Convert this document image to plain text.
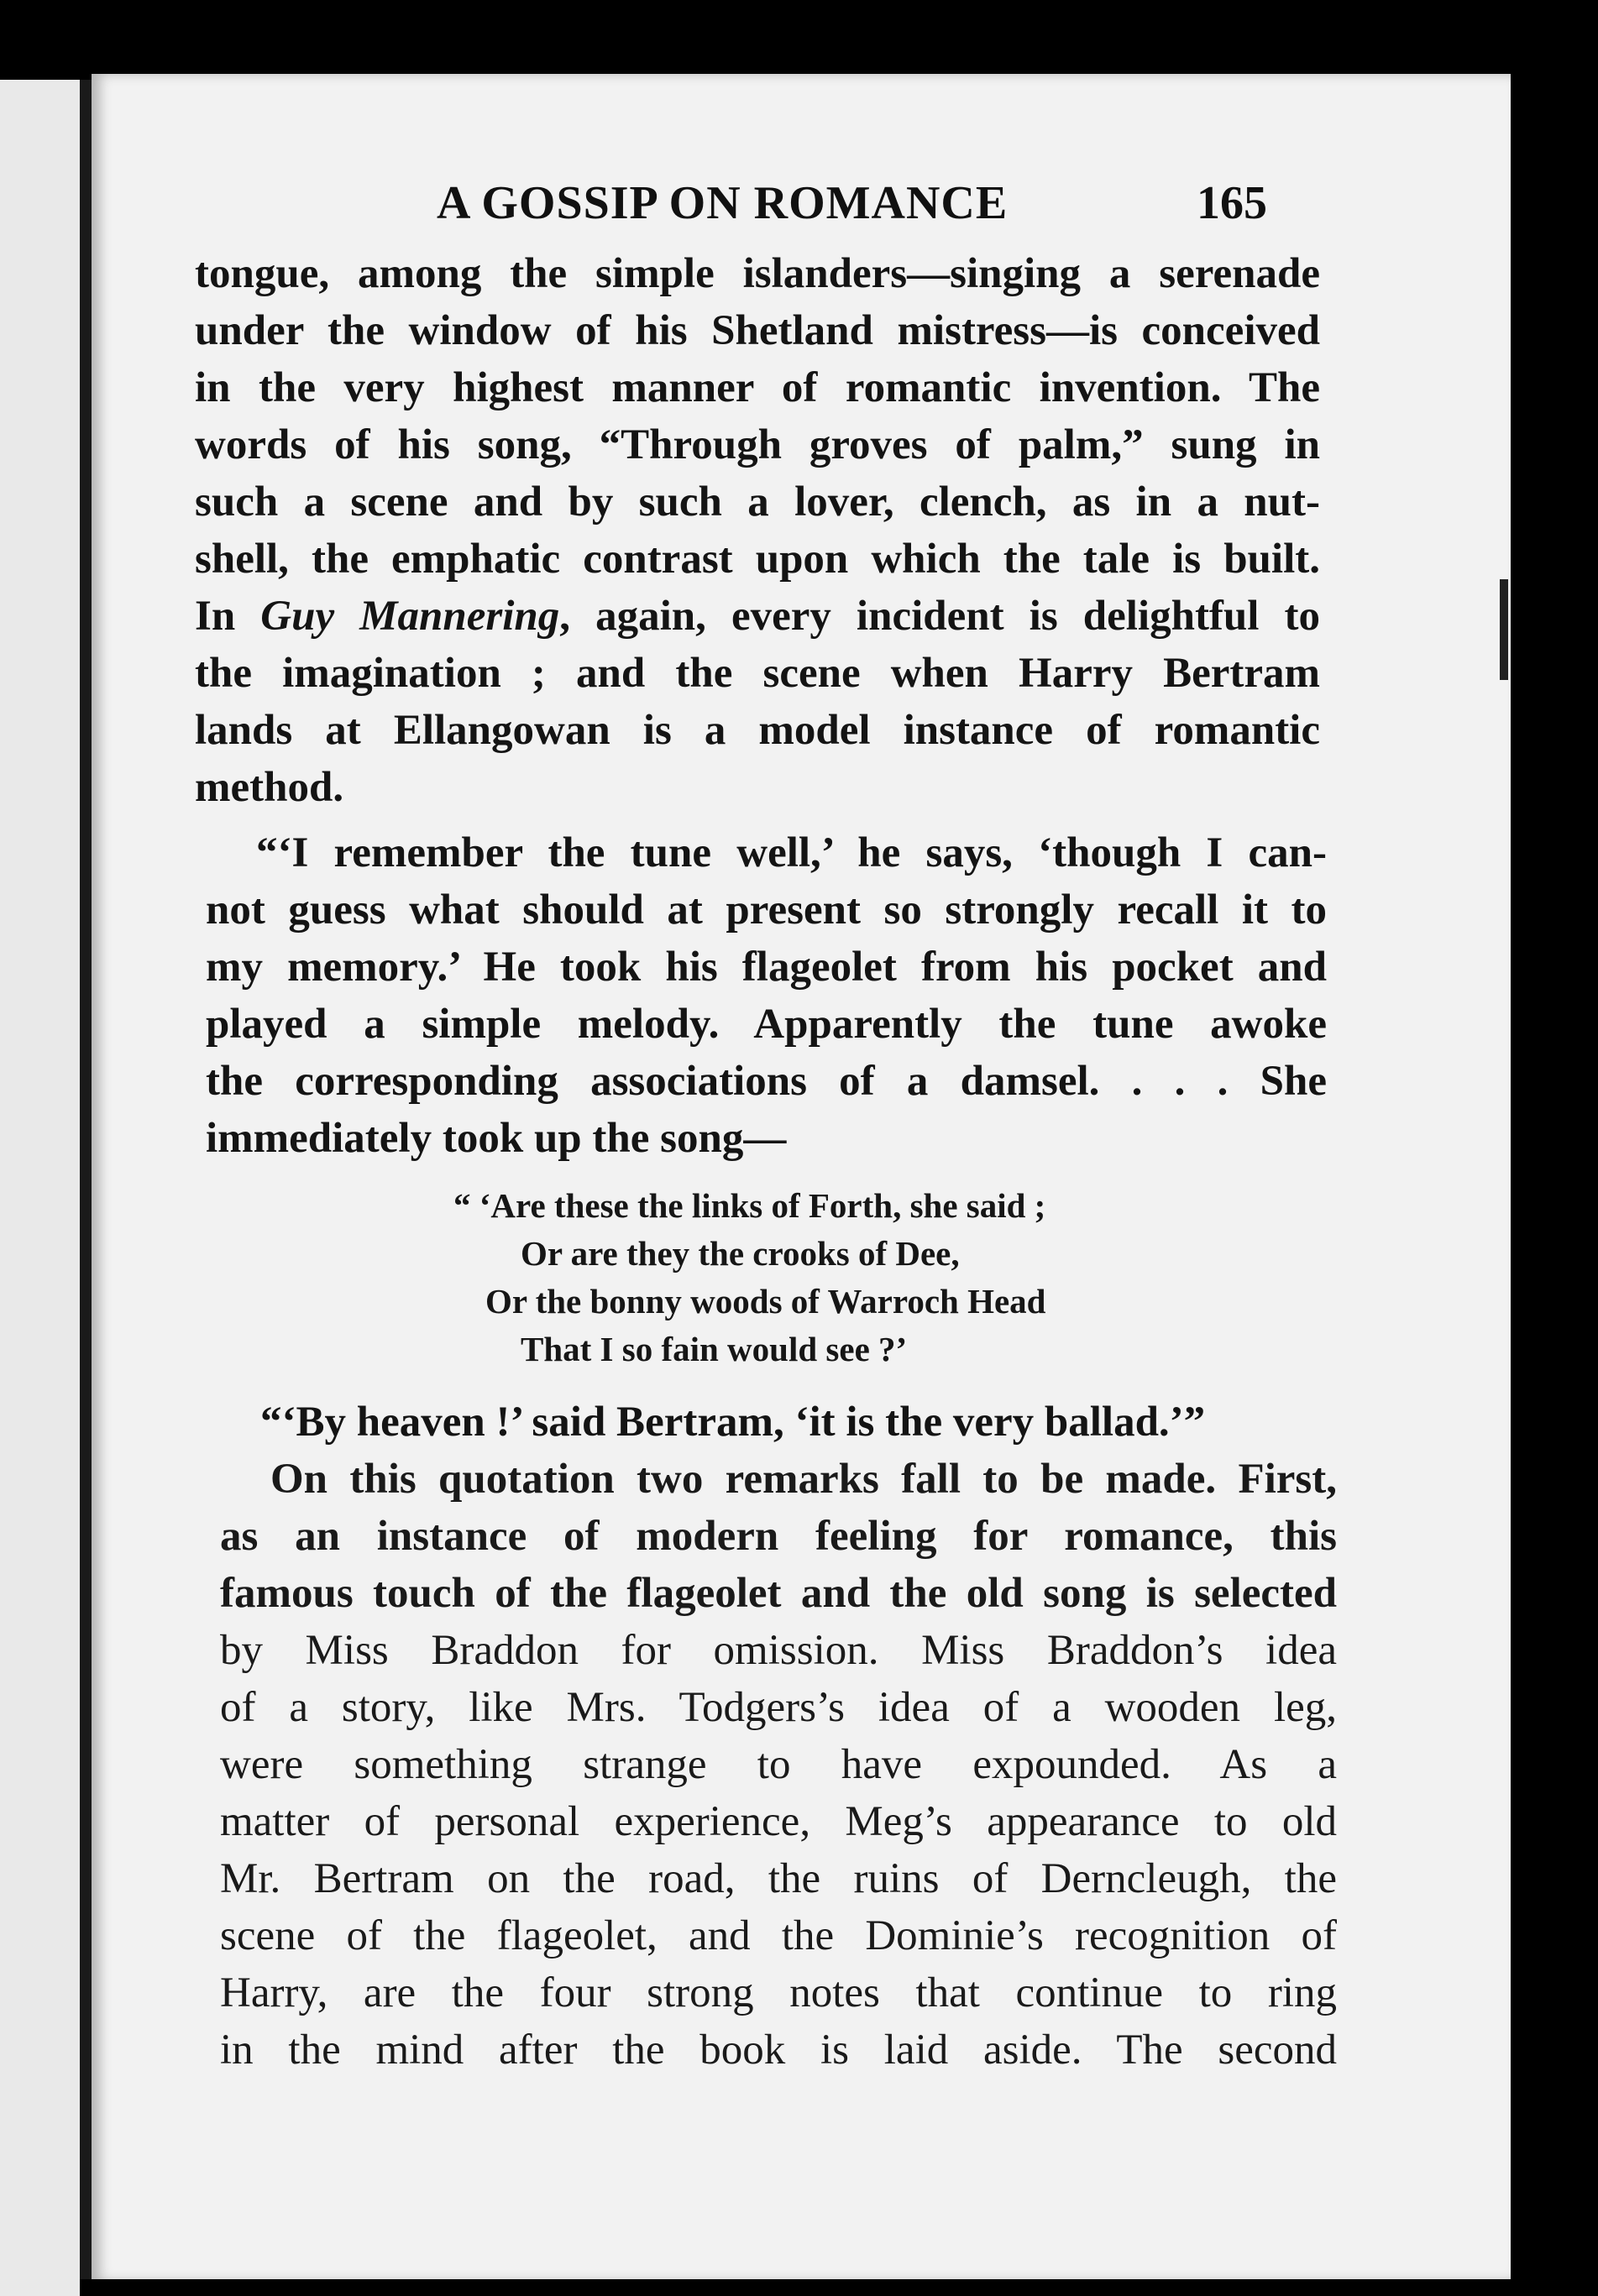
A GOSSIP ON ROMANCE	165
tongue, among the simple islanders—singing a serenade
under the window of his Shetland mistress—is conceived
in the very highest manner of romantic invention. The
words of his song, “Through groves of palm,” sung in
such a scene and by such a lover, clench, as in a nut-
shell, the emphatic contrast upon which the tale is built.
In Guy Mannering, again, every incident is delightful to
the imagination ; and the scene when Harry Bertram
lands at Ellangowan is a model instance of romantic
method.
“‘I remember the tune well,’ he says, ‘though I can-
not guess what should at present so strongly recall it to
my memory.’ He took his flageolet from his pocket and
played a simple melody. Apparently the tune awoke
the corresponding associations of a damsel. . . . She
immediately took up the song—
“ ‘Are these the links of Forth, she said ;
Or are they the crooks of Dee,
Or the bonny woods of Warroch Head
That I so fain would see ?’
“‘By heaven !’ said Bertram, ‘it is the very ballad.’”
On this quotation two remarks fall to be made. First,
as an instance of modern feeling for romance, this
famous touch of the flageolet and the old song is selected
by Miss Braddon for omission. Miss Braddon’s idea
of a story, like Mrs. Todgers’s idea of a wooden leg,
were something strange to have expounded. As a
matter of personal experience, Meg’s appearance to old
Mr. Bertram on the road, the ruins of Derncleugh, the
scene of the flageolet, and the Dominie’s recognition of
Harry, are the four strong notes that continue to ring
in the mind after the book is laid aside. The second
